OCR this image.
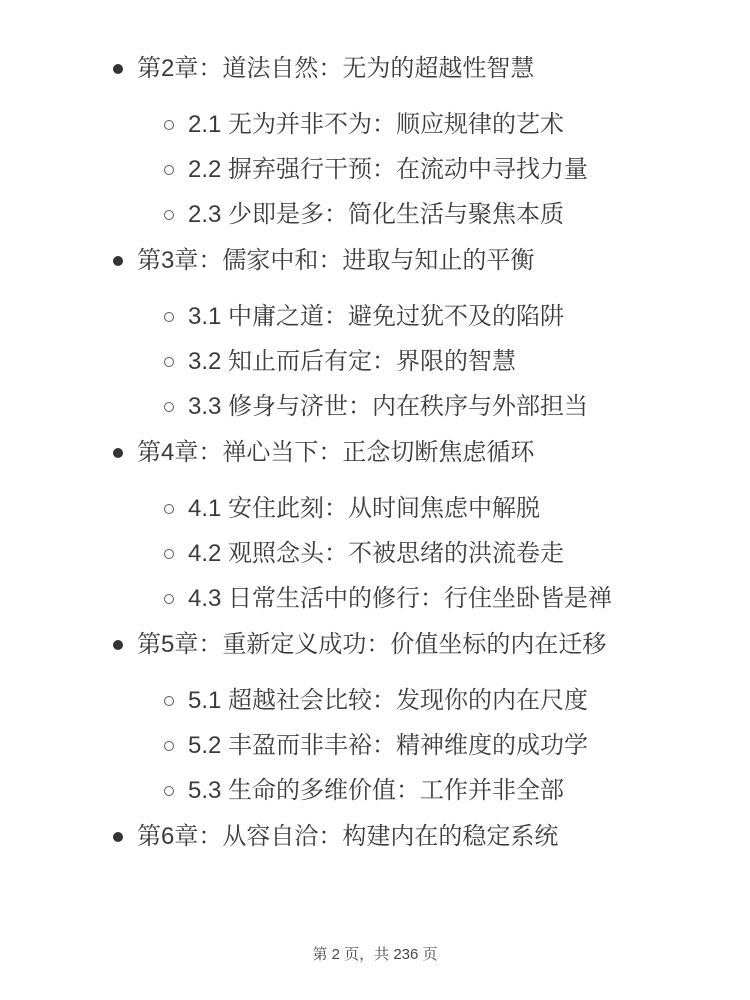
第2章：道法自然：无为的超越性智慧
2.1 无为并非不为：顺应规律的艺术
2.2 摒弃强行干预：在流动中寻找力量
2.3 少即是多：简化生活与聚焦本质
第3章：儒家中和：进取与知止的平衡
3.1 中庸之道：避免过犹不及的陷阱
3.2 知止而后有定：界限的智慧
3.3 修身与济世：内在秩序与外部担当
第4章：禅心当下：正念切断焦虑循环
4.1 安住此刻：从时间焦虑中解脱
4.2 观照念头：不被思绪的洪流卷走
4.3 日常生活中的修行：行住坐卧皆是禅
第5章：重新定义成功：价值坐标的内在迁移
5.1 超越社会比较：发现你的内在尺度
5.2 丰盈而非丰裕：精神维度的成功学
5.3 生命的多维价值：工作并非全部
第6章：从容自洽：构建内在的稳定系统
第 2 页，共 236 页
